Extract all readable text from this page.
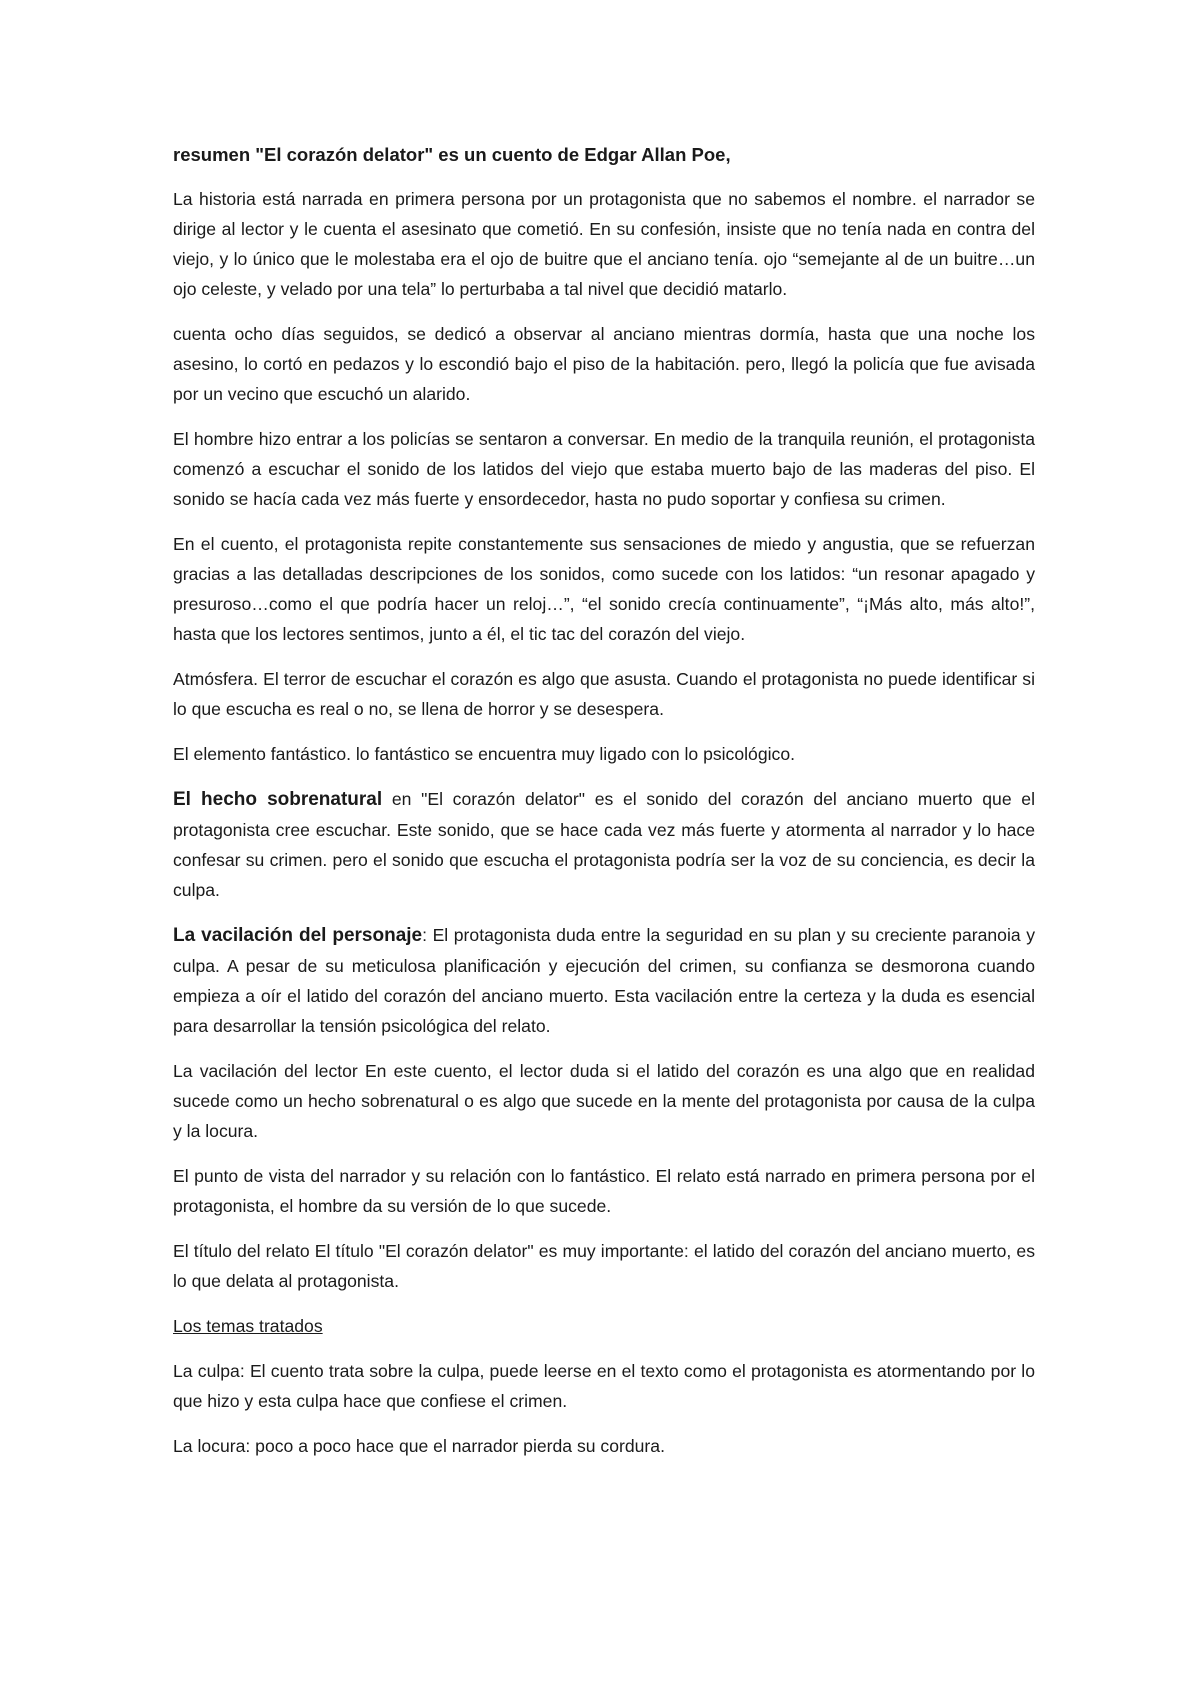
resumen "El corazón delator" es un cuento de Edgar Allan Poe,

La historia está narrada en primera persona por un protagonista que no sabemos el nombre. el narrador se dirige al lector y le cuenta el asesinato que cometió. En su confesión, insiste que no tenía nada en contra del viejo, y lo único que le molestaba era el ojo de buitre que el anciano tenía. ojo “semejante al de un buitre…un ojo celeste, y velado por una tela” lo perturbaba a tal nivel que decidió matarlo.

cuenta ocho días seguidos, se dedicó a observar al anciano mientras dormía, hasta que una noche los asesino, lo cortó en pedazos y lo escondió bajo el piso de la habitación. pero, llegó la policía que fue avisada por un vecino que escuchó un alarido.

El hombre hizo entrar a los policías se sentaron a conversar. En medio de la tranquila reunión, el protagonista comenzó a escuchar el sonido de los latidos del viejo que estaba muerto bajo de las maderas del piso. El sonido se hacía cada vez más fuerte y ensordecedor, hasta no pudo soportar y confiesa su crimen.

En el cuento, el protagonista repite constantemente sus sensaciones de miedo y angustia, que se refuerzan gracias a las detalladas descripciones de los sonidos, como sucede con los latidos: “un resonar apagado y presuroso…como el que podría hacer un reloj…”, “el sonido crecía continuamente”, “¡Más alto, más alto!”, hasta que los lectores sentimos, junto a él, el tic tac del corazón del viejo.

Atmósfera. El terror de escuchar el corazón es algo que asusta. Cuando el protagonista no puede identificar si lo que escucha es real o no, se llena de horror y se desespera.

El elemento fantástico. lo fantástico se encuentra muy ligado con lo psicológico.

El hecho sobrenatural en "El corazón delator" es el sonido del corazón del anciano muerto que el protagonista cree escuchar. Este sonido, que se hace cada vez más fuerte y atormenta al narrador y lo hace confesar su crimen. pero el sonido que escucha el protagonista podría ser la voz de su conciencia, es decir la culpa.

La vacilación del personaje: El protagonista duda entre la seguridad en su plan y su creciente paranoia y culpa. A pesar de su meticulosa planificación y ejecución del crimen, su confianza se desmorona cuando empieza a oír el latido del corazón del anciano muerto. Esta vacilación entre la certeza y la duda es esencial para desarrollar la tensión psicológica del relato.

La vacilación del lector En este cuento, el lector duda si el latido del corazón es una algo que en realidad sucede como un hecho sobrenatural o es algo que sucede en la mente del protagonista por causa de la culpa y la locura.

El punto de vista del narrador y su relación con lo fantástico. El relato está narrado en primera persona por el protagonista, el hombre da su versión de lo que sucede.

El título del relato El título "El corazón delator" es muy importante: el latido del corazón del anciano muerto, es lo que delata al protagonista.

Los temas tratados

La culpa: El cuento trata sobre la culpa, puede leerse en el texto como el protagonista es atormentando por lo que hizo y esta culpa hace que confiese el crimen.

La locura: poco a poco hace que el narrador pierda su cordura.
